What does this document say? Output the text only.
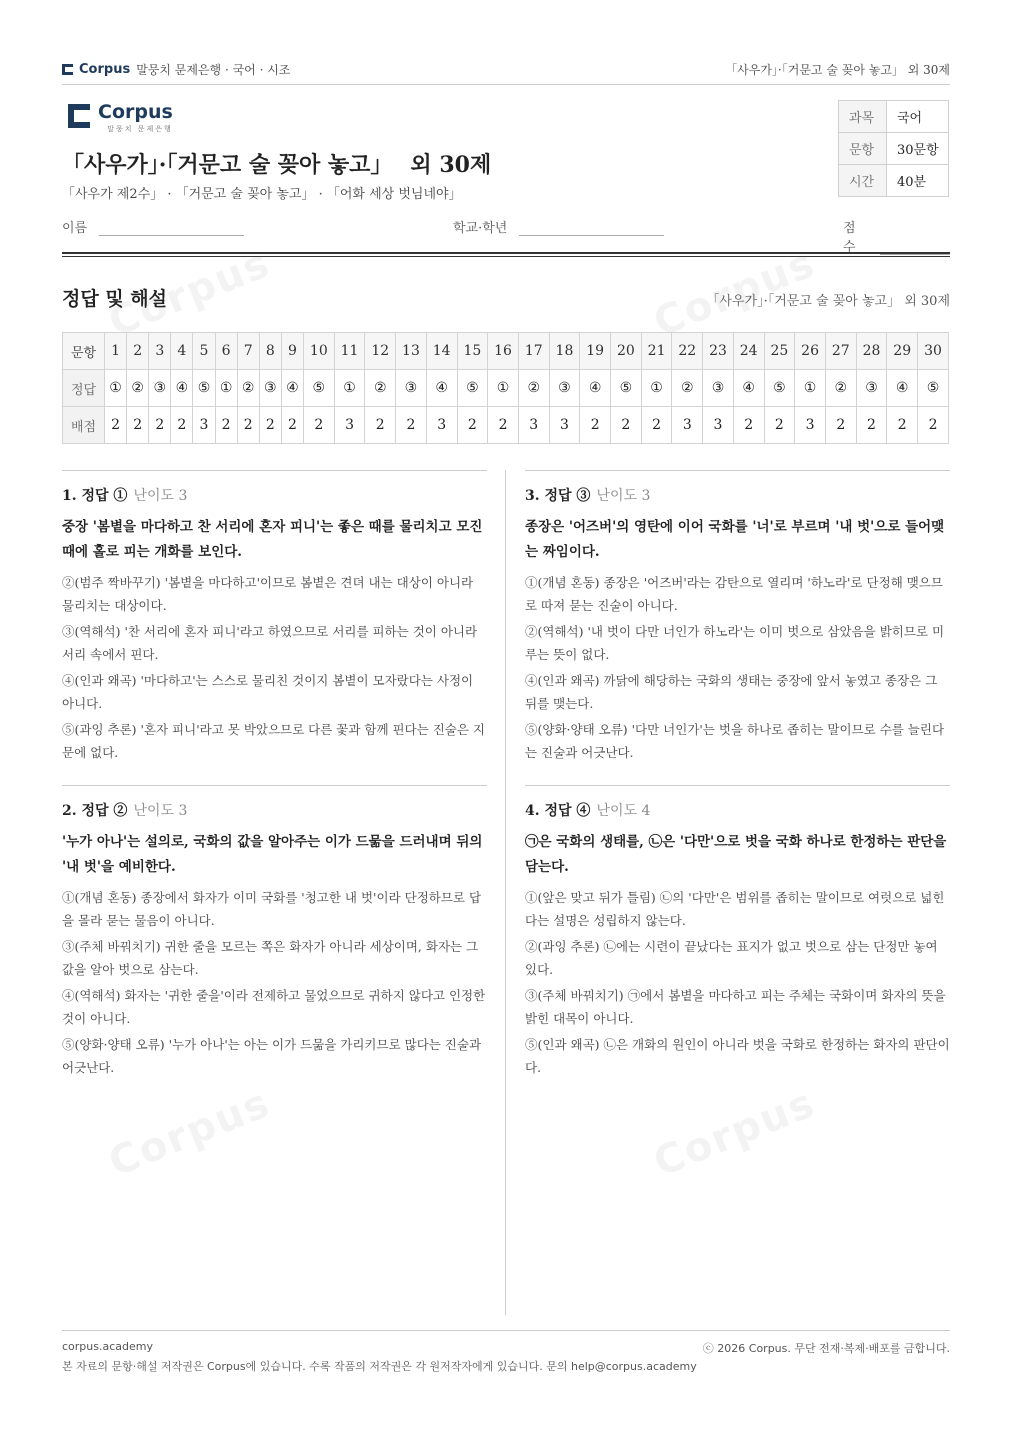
Corpus 말뭉치 문제은행 · 국어 · 시조	「사우가」·「거문고 술 꽂아 놓고」 외 30제
Corpus
말뭉치 문제은행
「사우가」·「거문고 술 꽂아 놓고」 외 30제
「사우가 제2수」 · 「거문고 술 꽂아 놓고」 · 「어화 세상 벗님네야」
과목	국어
문항	30문항
시간	40분
이름	학교·학년	점수
정답 및 해설	「사우가」·「거문고 술 꽂아 놓고」 외 30제
문항	1	2	3	4	5	6	7	8	9	10	11	12	13	14	15	16	17	18	19	20	21	22	23	24	25	26	27	28	29	30
정답	①	②	③	④	⑤	①	②	③	④	⑤	①	②	③	④	⑤	①	②	③	④	⑤	①	②	③	④	⑤	①	②	③	④	⑤
배점	2	2	2	2	3	2	2	2	2	2	3	2	2	3	2	2	3	3	2	2	2	3	3	2	2	3	2	2	2	2
1. 정답 ① 난이도 3
중장 '봄볕을 마다하고 찬 서리에 혼자 피니'는 좋은 때를 물리치고 모진 때에 홀로 피는 개화를 보인다.
②(범주 짝바꾸기) '봄볕을 마다하고'이므로 봄볕은 견뎌 내는 대상이 아니라 물리치는 대상이다.
③(역해석) '찬 서리에 혼자 피니'라고 하였으므로 서리를 피하는 것이 아니라 서리 속에서 핀다.
④(인과 왜곡) '마다하고'는 스스로 물리친 것이지 봄볕이 모자랐다는 사정이 아니다.
⑤(과잉 추론) '혼자 피니'라고 못 박았으므로 다른 꽃과 함께 핀다는 진술은 지문에 없다.
2. 정답 ② 난이도 3
'누가 아나'는 설의로, 국화의 값을 알아주는 이가 드묾을 드러내며 뒤의 '내 벗'을 예비한다.
①(개념 혼동) 종장에서 화자가 이미 국화를 '청고한 내 벗'이라 단정하므로 답을 몰라 묻는 물음이 아니다.
③(주체 바꿔치기) 귀한 줄을 모르는 쪽은 화자가 아니라 세상이며, 화자는 그 값을 알아 벗으로 삼는다.
④(역해석) 화자는 '귀한 줄을'이라 전제하고 물었으므로 귀하지 않다고 인정한 것이 아니다.
⑤(양화·양태 오류) '누가 아나'는 아는 이가 드묾을 가리키므로 많다는 진술과 어긋난다.
3. 정답 ③ 난이도 3
종장은 '어즈버'의 영탄에 이어 국화를 '너'로 부르며 '내 벗'으로 들어맺는 짜임이다.
①(개념 혼동) 종장은 '어즈버'라는 감탄으로 열리며 '하노라'로 단정해 맺으므로 따져 묻는 진술이 아니다.
②(역해석) '내 벗이 다만 너인가 하노라'는 이미 벗으로 삼았음을 밝히므로 미루는 뜻이 없다.
④(인과 왜곡) 까닭에 해당하는 국화의 생태는 중장에 앞서 놓였고 종장은 그 뒤를 맺는다.
⑤(양화·양태 오류) '다만 너인가'는 벗을 하나로 좁히는 말이므로 수를 늘린다는 진술과 어긋난다.
4. 정답 ④ 난이도 4
㉠은 국화의 생태를, ㉡은 '다만'으로 벗을 국화 하나로 한정하는 판단을 담는다.
①(앞은 맞고 뒤가 틀림) ㉡의 '다만'은 범위를 좁히는 말이므로 여럿으로 넓힌다는 설명은 성립하지 않는다.
②(과잉 추론) ㉡에는 시련이 끝났다는 표지가 없고 벗으로 삼는 단정만 놓여 있다.
③(주체 바꿔치기) ㉠에서 봄볕을 마다하고 피는 주체는 국화이며 화자의 뜻을 밝힌 대목이 아니다.
⑤(인과 왜곡) ㉡은 개화의 원인이 아니라 벗을 국화로 한정하는 화자의 판단이다.
corpus.academy	ⓒ 2026 Corpus. 무단 전재·복제·배포를 금합니다.
본 자료의 문항·해설 저작권은 Corpus에 있습니다. 수록 작품의 저작권은 각 원저작자에게 있습니다. 문의 help@corpus.academy
